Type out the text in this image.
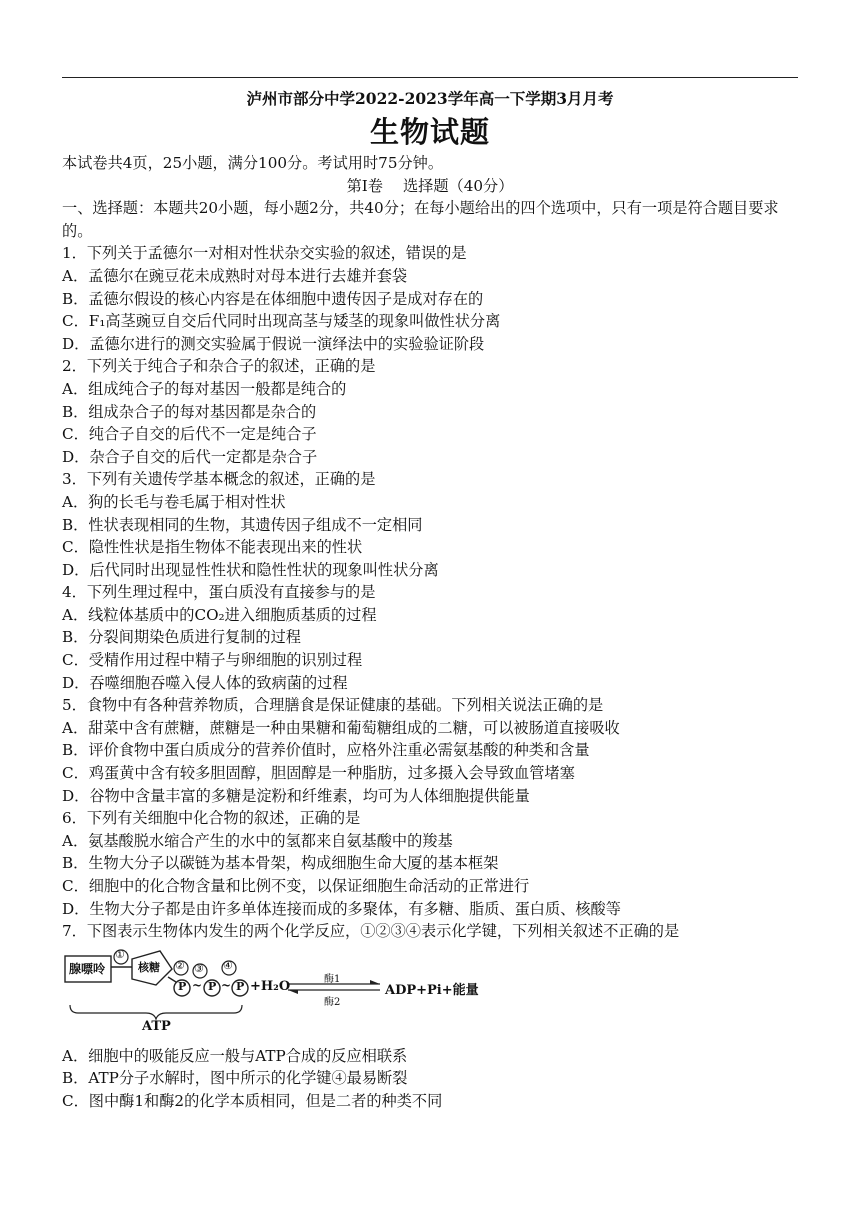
泸州市部分中学2022-2023学年高一下学期3月月考

生物试题

本试卷共4页，25小题，满分100分。考试用时75分钟。

第I卷　 选择题（40分）

一、选择题：本题共20小题，每小题2分，共40分；在每小题给出的四个选项中，只有一项是符合题目要求的。

1．下列关于孟德尔一对相对性状杂交实验的叙述，错误的是

A．孟德尔在豌豆花未成熟时对母本进行去雄并套袋

B．孟德尔假设的核心内容是在体细胞中遗传因子是成对存在的

C．F₁高茎豌豆自交后代同时出现高茎与矮茎的现象叫做性状分离

D．孟德尔进行的测交实验属于假说一演绎法中的实验验证阶段

2．下列关于纯合子和杂合子的叙述，正确的是

A．组成纯合子的每对基因一般都是纯合的

B．组成杂合子的每对基因都是杂合的

C．纯合子自交的后代不一定是纯合子

D．杂合子自交的后代一定都是杂合子

3．下列有关遗传学基本概念的叙述，正确的是

A．狗的长毛与卷毛属于相对性状

B．性状表现相同的生物，其遗传因子组成不一定相同

C．隐性性状是指生物体不能表现出来的性状

D．后代同时出现显性性状和隐性性状的现象叫性状分离

4．下列生理过程中，蛋白质没有直接参与的是

A．线粒体基质中的CO₂进入细胞质基质的过程

B．分裂间期染色质进行复制的过程

C．受精作用过程中精子与卵细胞的识别过程

D．吞噬细胞吞噬入侵人体的致病菌的过程

5．食物中有各种营养物质，合理膳食是保证健康的基础。下列相关说法正确的是

A．甜菜中含有蔗糖，蔗糖是一种由果糖和葡萄糖组成的二糖，可以被肠道直接吸收

B．评价食物中蛋白质成分的营养价值时，应格外注重必需氨基酸的种类和含量

C．鸡蛋黄中含有较多胆固醇，胆固醇是一种脂肪，过多摄入会导致血管堵塞

D．谷物中含量丰富的多糖是淀粉和纤维素，均可为人体细胞提供能量

6．下列有关细胞中化合物的叙述，正确的是

A．氨基酸脱水缩合产生的水中的氢都来自氨基酸中的羧基

B．生物大分子以碳链为基本骨架，构成细胞生命大厦的基本框架

C．细胞中的化合物含量和比例不变，以保证细胞生命活动的正常进行

D．生物大分子都是由许多单体连接而成的多聚体，有多糖、脂质、蛋白质、核酸等

7．下图表示生物体内发生的两个化学反应，①②③④表示化学键，下列相关叙述不正确的是

腺嘌呤	核糖
①
② ③ ④
P ~ P ~ P +H₂O	酶1
酶2
ADP+Pi+能量
ATP

A．细胞中的吸能反应一般与ATP合成的反应相联系

B．ATP分子水解时，图中所示的化学键④最易断裂

C．图中酶1和酶2的化学本质相同，但是二者的种类不同
